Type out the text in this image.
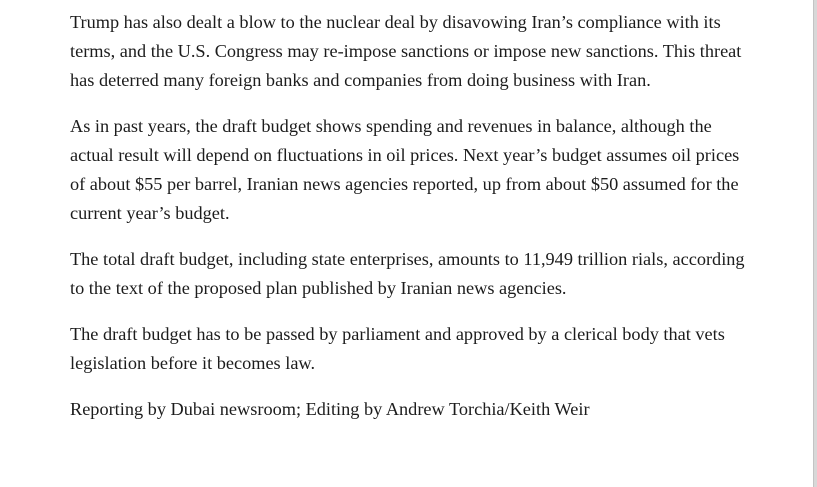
Trump has also dealt a blow to the nuclear deal by disavowing Iran’s compliance with its terms, and the U.S. Congress may re-impose sanctions or impose new sanctions. This threat has deterred many foreign banks and companies from doing business with Iran.

As in past years, the draft budget shows spending and revenues in balance, although the actual result will depend on fluctuations in oil prices. Next year’s budget assumes oil prices of about $55 per barrel, Iranian news agencies reported, up from about $50 assumed for the current year’s budget.

The total draft budget, including state enterprises, amounts to 11,949 trillion rials, according to the text of the proposed plan published by Iranian news agencies.

The draft budget has to be passed by parliament and approved by a clerical body that vets legislation before it becomes law.

Reporting by Dubai newsroom; Editing by Andrew Torchia/Keith Weir
